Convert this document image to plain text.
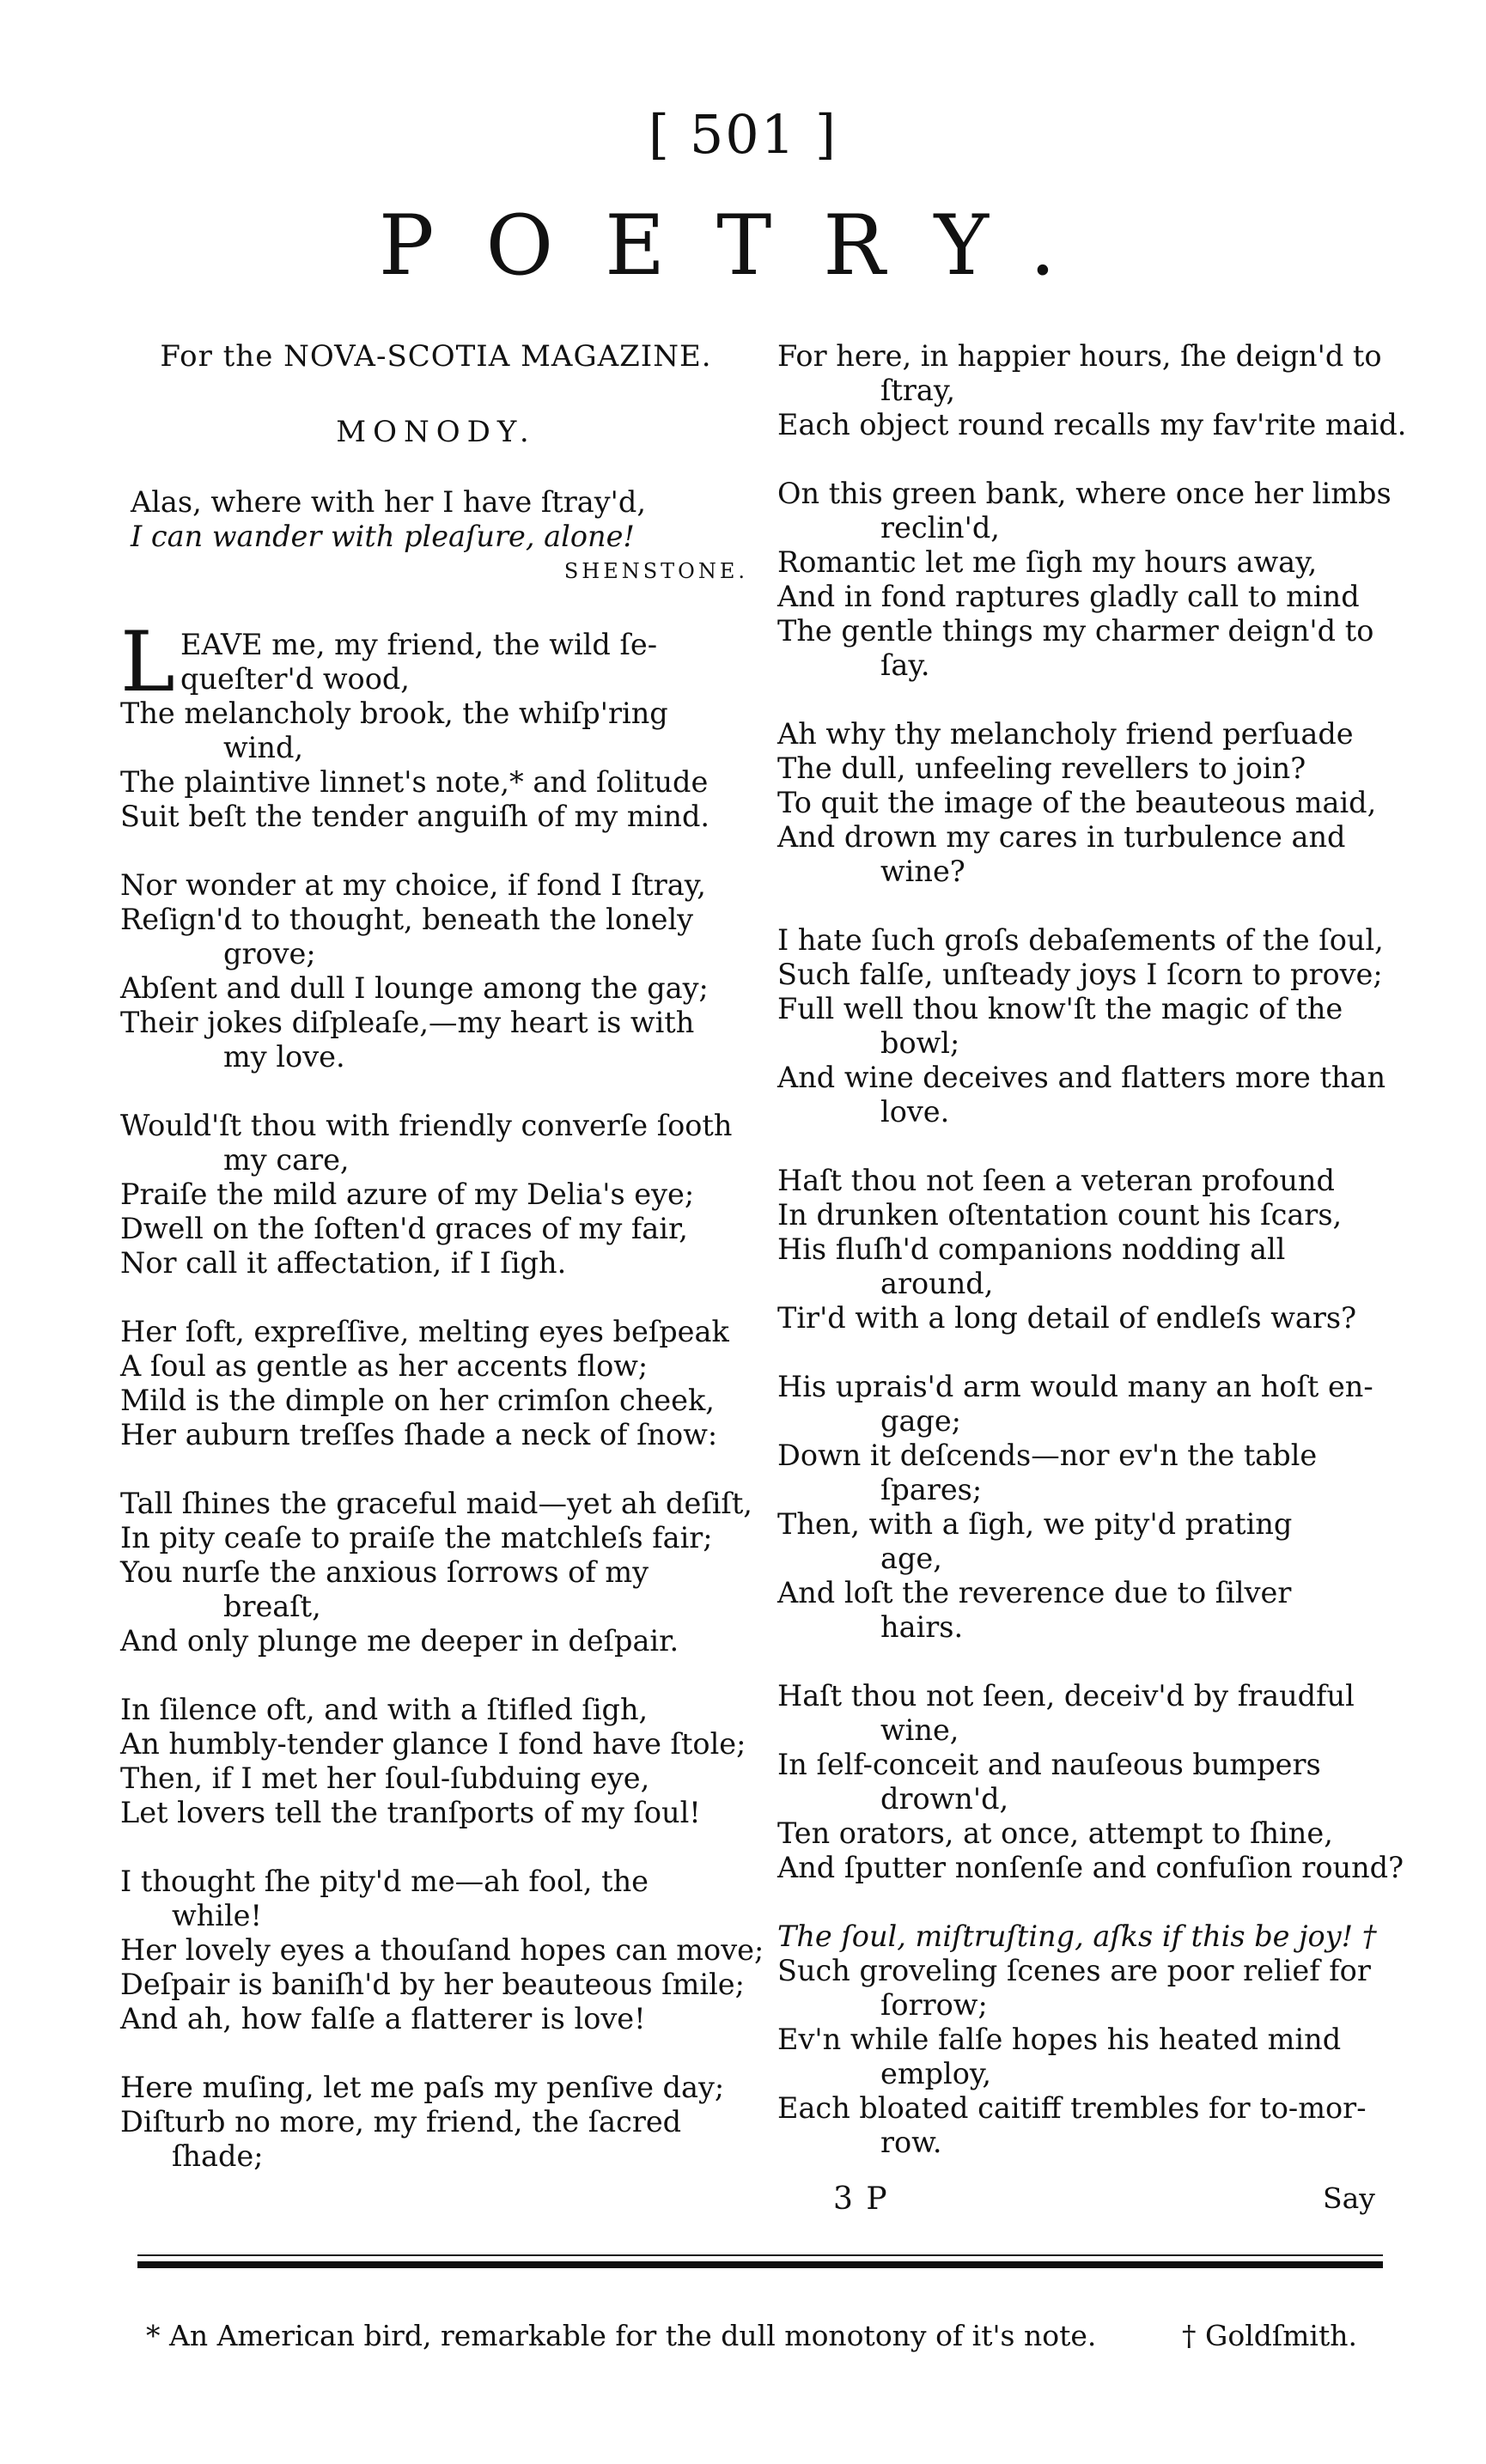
[ 501 ]
POETRY.
For the NOVA-SCOTIA MAGAZINE.
MONODY.
Alas, where with her I have ſtray'd,
I can wander with pleaſure, alone!
SHENSTONE.
L EAVE me, my friend, the wild ſe-
queſter'd wood,
The melancholy brook, the whiſp'ring
wind,
The plaintive linnet's note,* and ſolitude
Suit beſt the tender anguiſh of my mind.
Nor wonder at my choice, if fond I ſtray,
Reſign'd to thought, beneath the lonely
grove;
Abſent and dull I lounge among the gay;
Their jokes diſpleaſe,—my heart is with
my love.
Would'ſt thou with friendly converſe ſooth
my care,
Praiſe the mild azure of my Delia's eye;
Dwell on the ſoften'd graces of my fair,
Nor call it affectation, if I ſigh.
Her ſoft, expreſſive, melting eyes beſpeak
A ſoul as gentle as her accents flow;
Mild is the dimple on her crimſon cheek,
Her auburn treſſes ſhade a neck of ſnow:
Tall ſhines the graceful maid—yet ah deſiſt,
In pity ceaſe to praiſe the matchleſs fair;
You nurſe the anxious ſorrows of my
breaſt,
And only plunge me deeper in deſpair.
In ſilence oft, and with a ſtifled ſigh,
An humbly-tender glance I fond have ſtole;
Then, if I met her ſoul-ſubduing eye,
Let lovers tell the tranſports of my ſoul!
I thought ſhe pity'd me—ah fool, the
while!
Her lovely eyes a thouſand hopes can move;
Deſpair is baniſh'd by her beauteous ſmile;
And ah, how falſe a flatterer is love!
Here muſing, let me paſs my penſive day;
Diſturb no more, my friend, the ſacred
ſhade;
For here, in happier hours, ſhe deign'd to
ſtray,
Each object round recalls my fav'rite maid.
On this green bank, where once her limbs
reclin'd,
Romantic let me ſigh my hours away,
And in fond raptures gladly call to mind
The gentle things my charmer deign'd to
ſay.
Ah why thy melancholy friend perſuade
The dull, unfeeling revellers to join?
To quit the image of the beauteous maid,
And drown my cares in turbulence and
wine?
I hate ſuch groſs debaſements of the ſoul,
Such falſe, unſteady joys I ſcorn to prove;
Full well thou know'ſt the magic of the
bowl;
And wine deceives and flatters more than
love.
Haſt thou not ſeen a veteran profound
In drunken oſtentation count his ſcars,
His fluſh'd companions nodding all
around,
Tir'd with a long detail of endleſs wars?
His uprais'd arm would many an hoſt en-
gage;
Down it deſcends—nor ev'n the table
ſpares;
Then, with a ſigh, we pity'd prating
age,
And loſt the reverence due to ſilver
hairs.
Haſt thou not ſeen, deceiv'd by fraudful
wine,
In ſelf-conceit and nauſeous bumpers
drown'd,
Ten orators, at once, attempt to ſhine,
And ſputter nonſenſe and confuſion round?
The ſoul, miſtruſting, aſks if this be joy! †
Such groveling ſcenes are poor relief for
ſorrow;
Ev'n while falſe hopes his heated mind
employ,
Each bloated caitiff trembles for to-mor-
row.
3 P	Say
* An American bird, remarkable for the dull monotony of it's note.	† Goldſmith.
